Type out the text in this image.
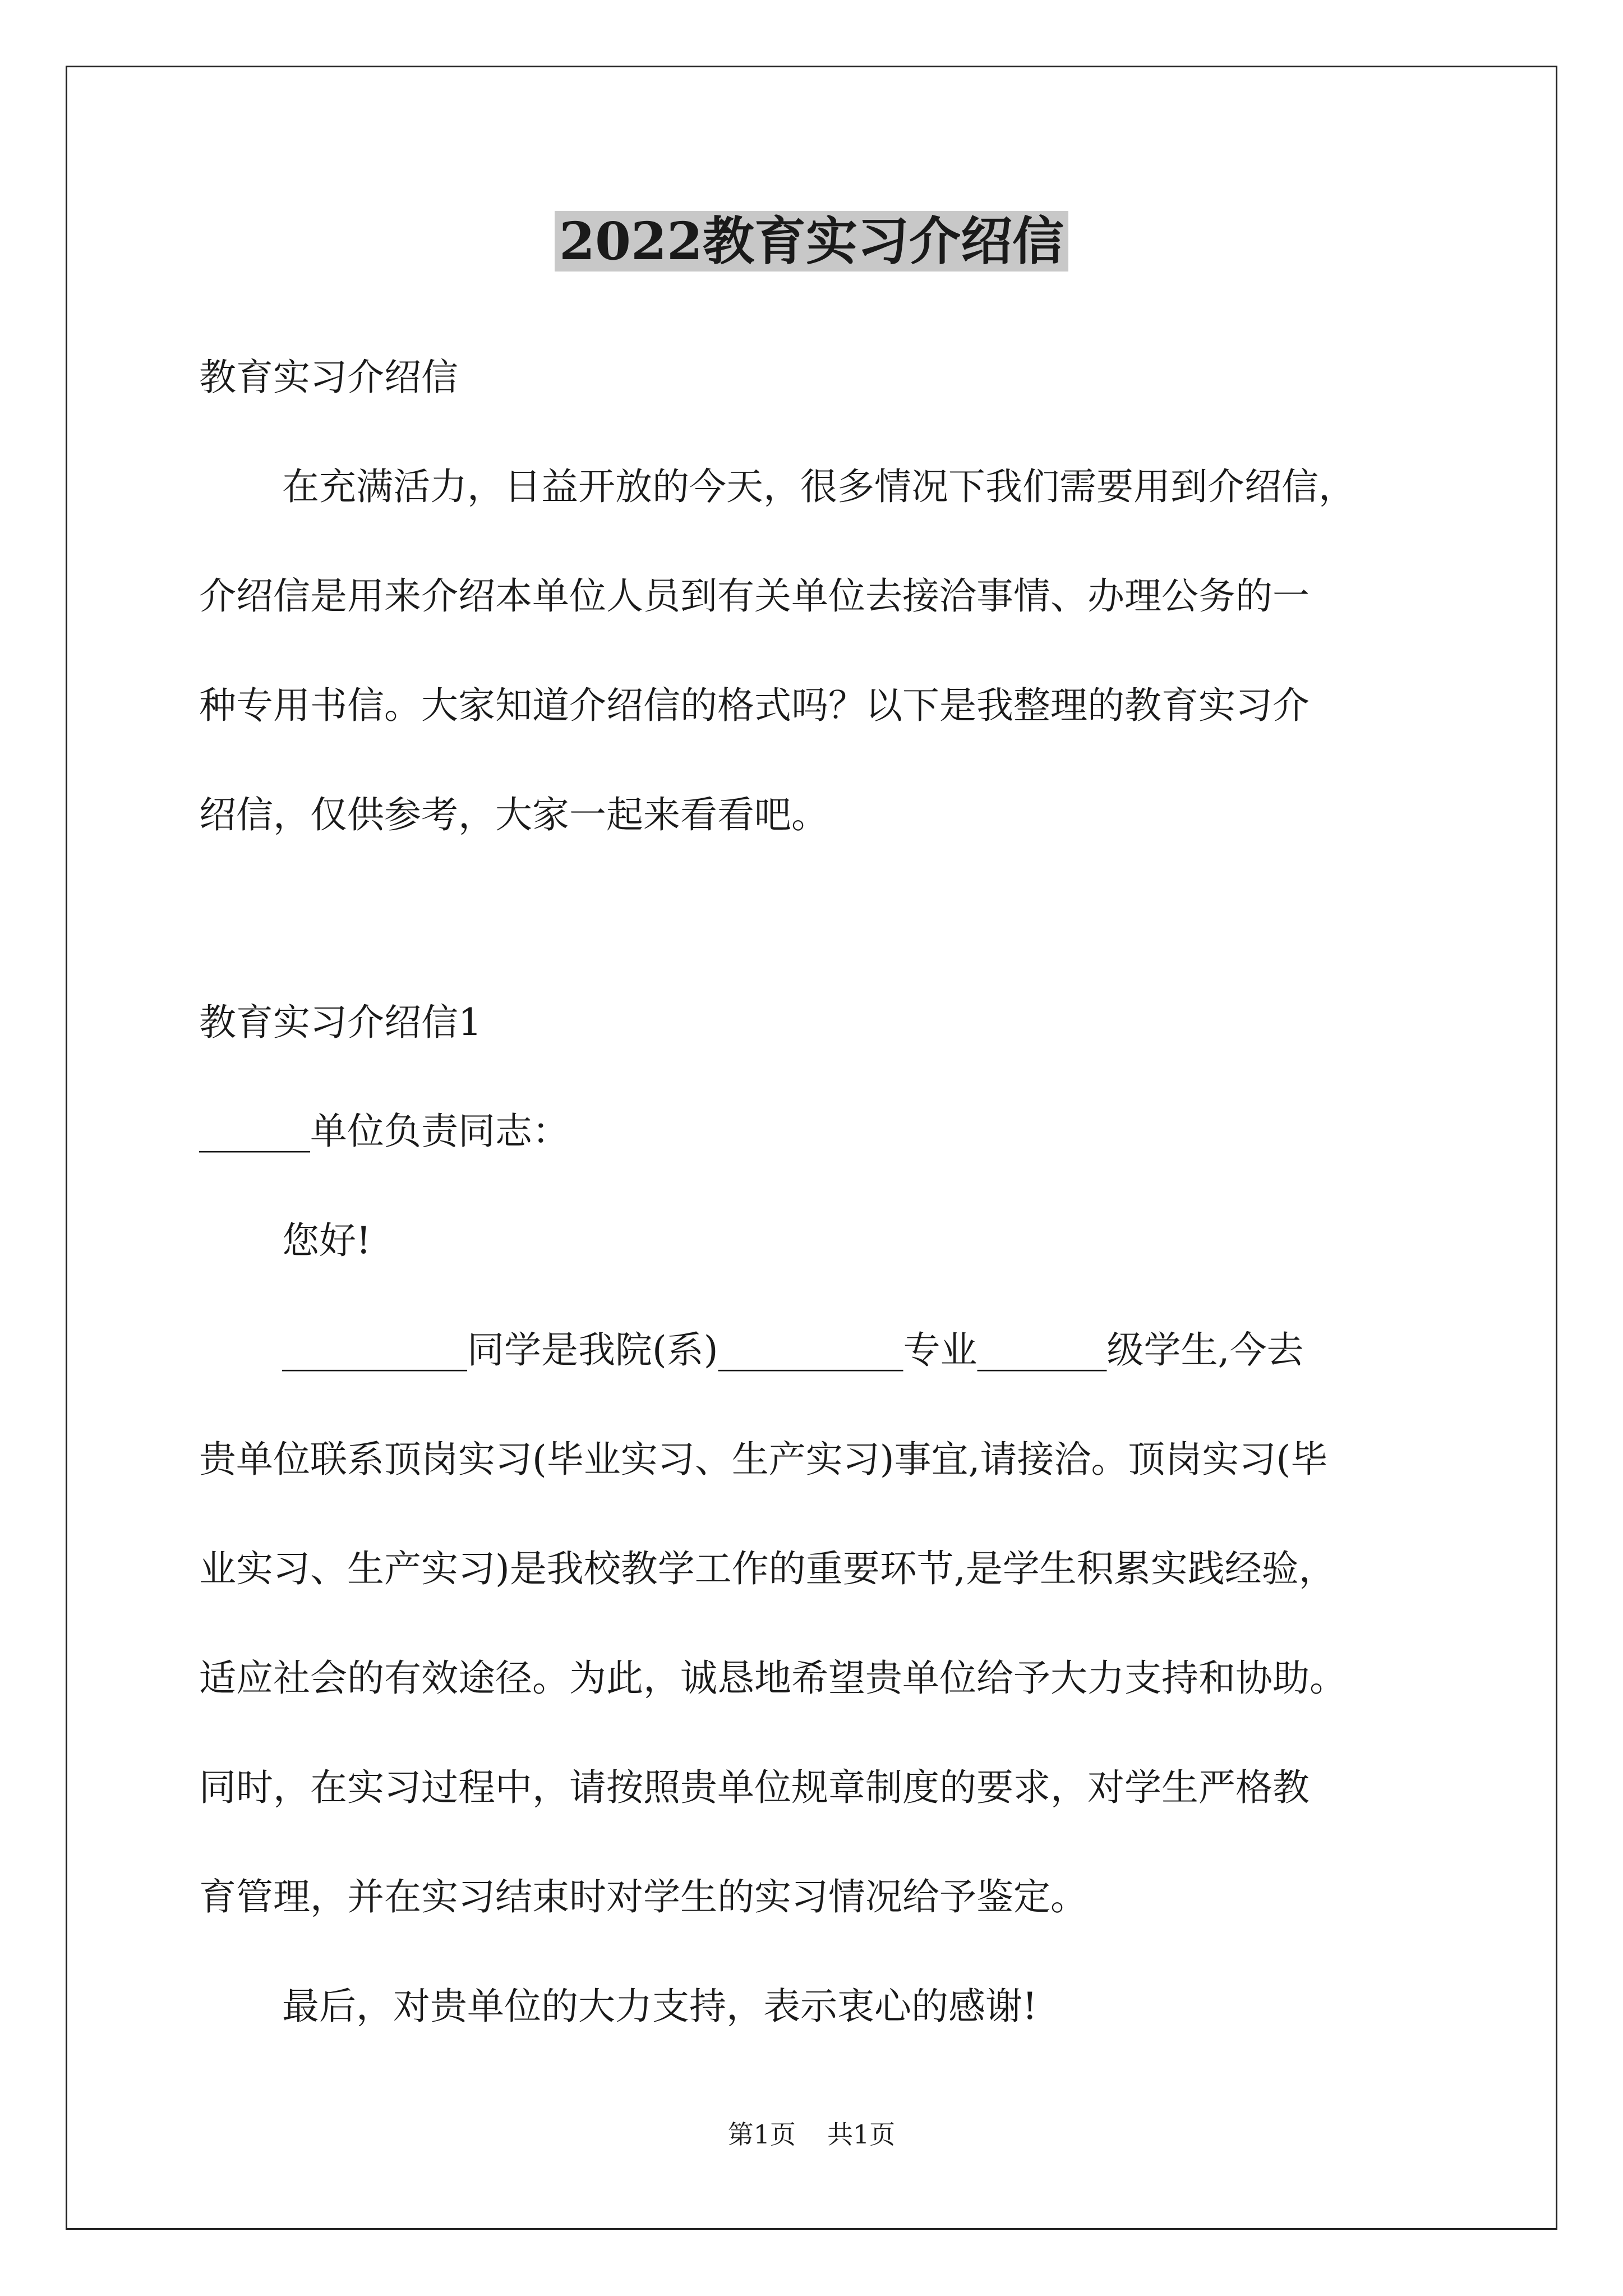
2022教育实习介绍信

教育实习介绍信

在充满活力，日益开放的今天，很多情况下我们需要用到介绍信，

介绍信是用来介绍本单位人员到有关单位去接洽事情、办理公务的一

种专用书信。大家知道介绍信的格式吗？以下是我整理的教育实习介

绍信，仅供参考，大家一起来看看吧。

教育实习介绍信1

______单位负责同志：

您好!

__________同学是我院(系)__________专业_______级学生,今去

贵单位联系顶岗实习(毕业实习、生产实习)事宜,请接洽。顶岗实习(毕

业实习、生产实习)是我校教学工作的重要环节,是学生积累实践经验，

适应社会的有效途径。为此，诚恳地希望贵单位给予大力支持和协助。

同时，在实习过程中，请按照贵单位规章制度的要求，对学生严格教

育管理，并在实习结束时对学生的实习情况给予鉴定。

最后，对贵单位的大力支持，表示衷心的感谢!

第1页 共1页
